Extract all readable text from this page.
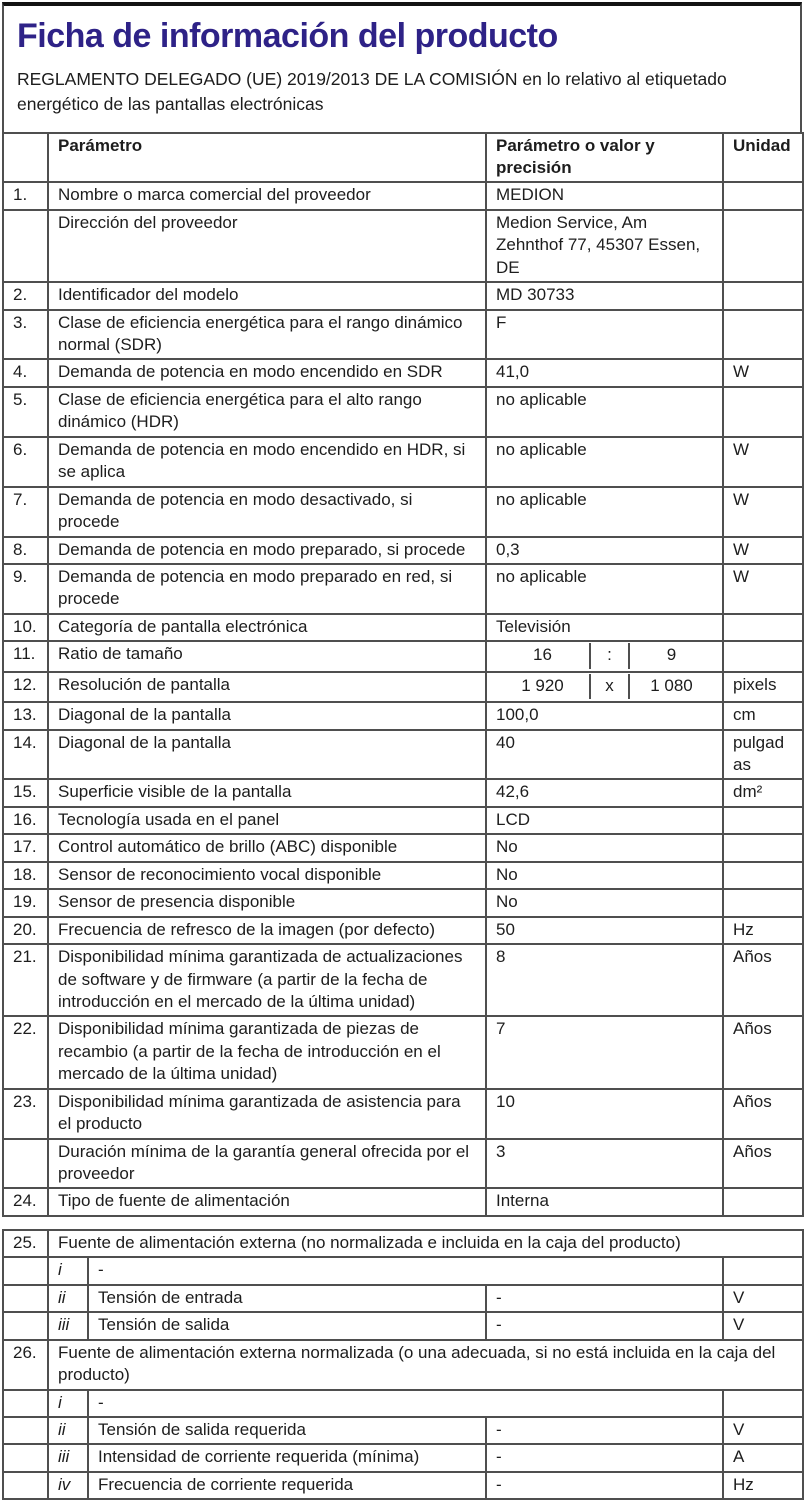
Ficha de información del producto
REGLAMENTO DELEGADO (UE) 2019/2013 DE LA COMISIÓN en lo relativo al etiquetado energético de las pantallas electrónicas
	Parámetro	Parámetro o valor y precisión	Unidad
1.	Nombre o marca comercial del proveedor	MEDION	
	Dirección del proveedor	Medion Service, Am Zehnthof 77, 45307 Essen, DE	
2.	Identificador del modelo	MD 30733	
3.	Clase de eficiencia energética para el rango dinámico normal (SDR)	F	
4.	Demanda de potencia en modo encendido en SDR	41,0	W
5.	Clase de eficiencia energética para el alto rango dinámico (HDR)	no aplicable	
6.	Demanda de potencia en modo encendido en HDR, si se aplica	no aplicable	W
7.	Demanda de potencia en modo desactivado, si procede	no aplicable	W
8.	Demanda de potencia en modo preparado, si procede	0,3	W
9.	Demanda de potencia en modo preparado en red, si procede	no aplicable	W
10.	Categoría de pantalla electrónica	Televisión	
11.	Ratio de tamaño	16 : 9	

12.	Resolución de pantalla	1 920 x 1 080	pixels
13.	Diagonal de la pantalla	100,0	cm
14.	Diagonal de la pantalla	40	pulgadas
15.	Superficie visible de la pantalla	42,6	dm²
16.	Tecnología usada en el panel	LCD	
17.	Control automático de brillo (ABC) disponible	No	
18.	Sensor de reconocimiento vocal disponible	No	
19.	Sensor de presencia disponible	No	
20.	Frecuencia de refresco de la imagen (por defecto)	50	Hz
21.	Disponibilidad mínima garantizada de actualizaciones de software y de firmware (a partir de la fecha de introducción en el mercado de la última unidad)	8	Años
22.	Disponibilidad mínima garantizada de piezas de recambio (a partir de la fecha de introducción en el mercado de la última unidad)	7	Años
23.	Disponibilidad mínima garantizada de asistencia para el producto	10	Años
	Duración mínima de la garantía general ofrecida por el proveedor	3	Años
24.	Tipo de fuente de alimentación	Interna	
25.	Fuente de alimentación externa (no normalizada e incluida en la caja del producto)			
	i	-		
	ii	Tensión de entrada	-	V
	iii	Tensión de salida	-	V
26.	Fuente de alimentación externa normalizada (o una adecuada, si no está incluida en la caja del producto)			
	i	-		
	ii	Tensión de salida requerida	-	V
	iii	Intensidad de corriente requerida (mínima)	-	A
	iv	Frecuencia de corriente requerida	-	Hz
